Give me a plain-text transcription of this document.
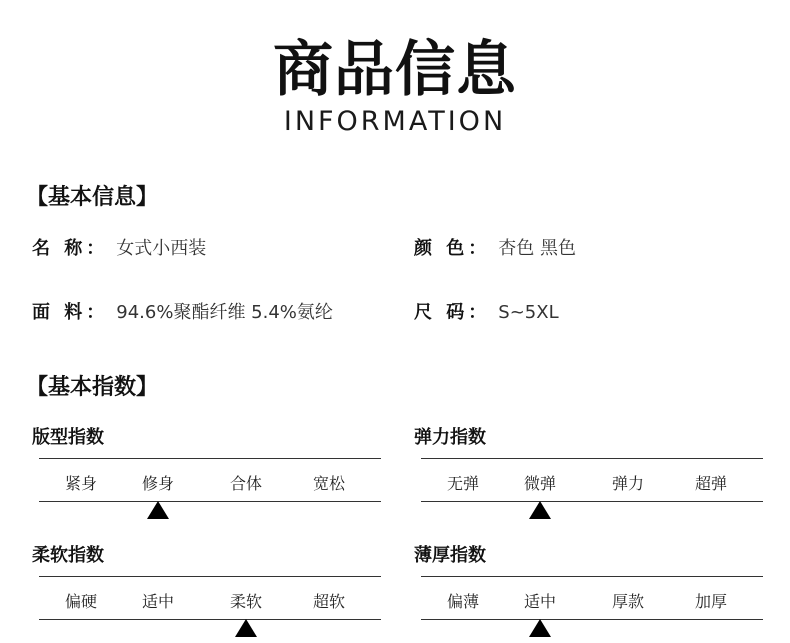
商品信息
INFORMATION
【基本信息】
名 称： 女式小西装	颜 色： 杏色 黑色
面 料： 94.6%聚酯纤维 5.4%氨纶	尺 码： S~5XL
【基本指数】
版型指数
紧身	修身	合体	宽松
弹力指数
无弹	微弹	弹力	超弹
柔软指数
偏硬	适中	柔软	超软
薄厚指数
偏薄	适中	厚款	加厚
